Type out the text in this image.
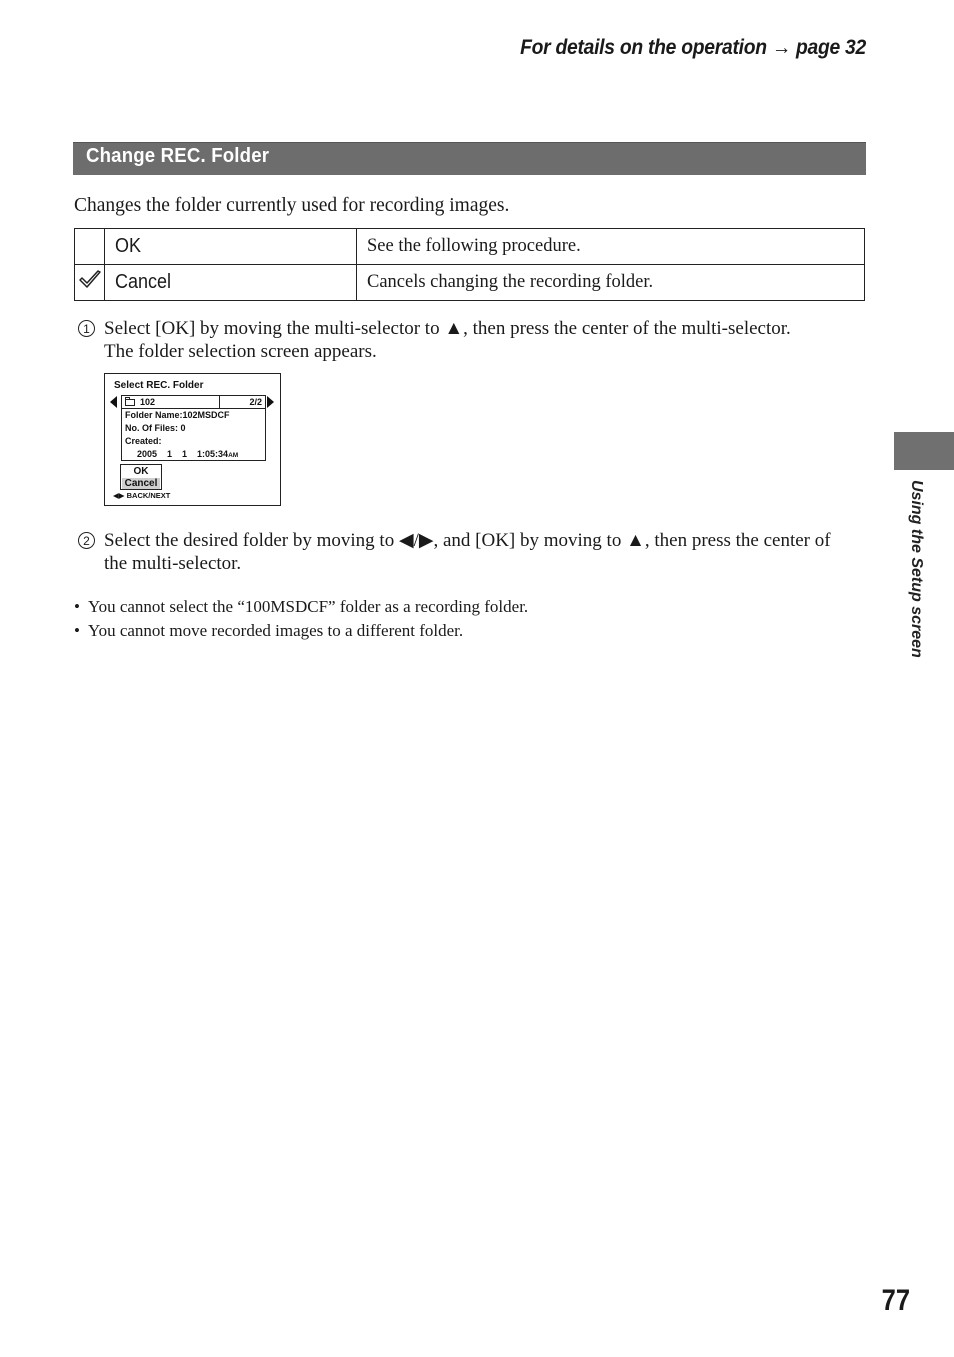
For details on the operation → page 32
Change REC. Folder
Changes the folder currently used for recording images.
	OK	See the following procedure.
	Cancel	Cancels changing the recording folder.
1 Select [OK] by moving the multi-selector to ▲, then press the center of the multi-selector.
The folder selection screen appears.
Select REC. Folder
102	2/2
Folder Name:102MSDCF
No. Of Files: 0
Created:
2005    1    1    1:05:34AM
OK
Cancel
◀▶ BACK/NEXT
2 Select the desired folder by moving to ◀/▶, and [OK] by moving to ▲, then press the center of
the multi-selector.
• You cannot select the “100MSDCF” folder as a recording folder.
• You cannot move recorded images to a different folder.	Using the Setup screen
77
